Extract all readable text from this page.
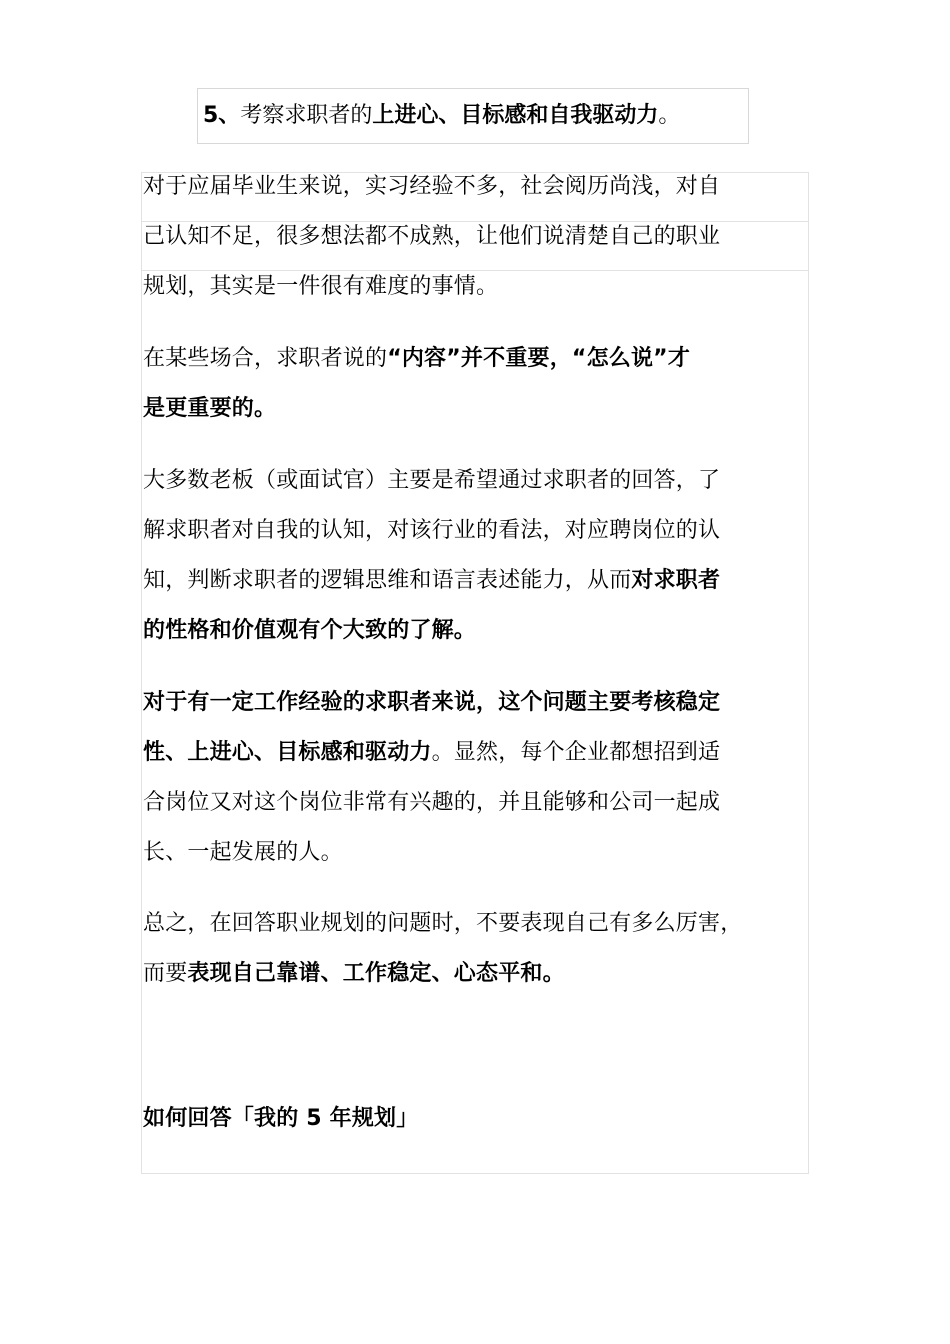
5、考察求职者的上进心、目标感和自我驱动力。
对于应届毕业生来说，实习经验不多，社会阅历尚浅，对自
己认知不足，很多想法都不成熟，让他们说清楚自己的职业
规划，其实是一件很有难度的事情。
在某些场合，求职者说的“内容”并不重要，“怎么说”才
是更重要的。
大多数老板（或面试官）主要是希望通过求职者的回答，了
解求职者对自我的认知，对该行业的看法，对应聘岗位的认
知，判断求职者的逻辑思维和语言表述能力，从而对求职者
的性格和价值观有个大致的了解。
对于有一定工作经验的求职者来说，这个问题主要考核稳定
性、上进心、目标感和驱动力。显然，每个企业都想招到适
合岗位又对这个岗位非常有兴趣的，并且能够和公司一起成
长、一起发展的人。
总之，在回答职业规划的问题时，不要表现自己有多么厉害，
而要表现自己靠谱、工作稳定、心态平和。
如何回答「我的 5 年规划」
